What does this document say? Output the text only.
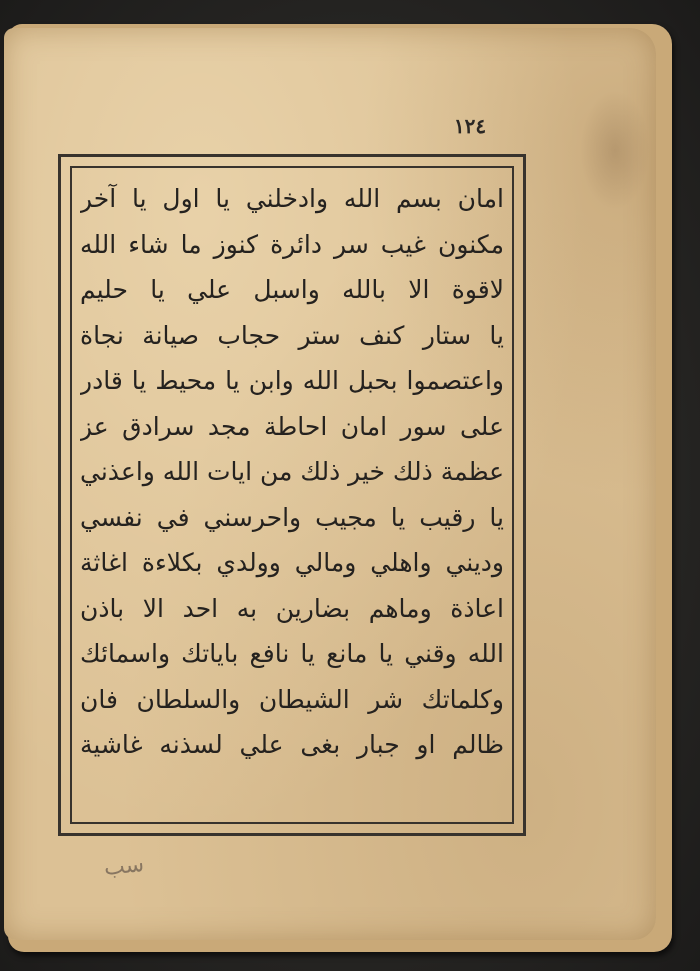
١٢٤
امان بسم الله وادخلني يا اول يا آخر
مكنون غيب سر دائرة كنوز ما شاء الله
لاقوة الا بالله واسبل علي يا حليم
يا ستار كنف ستر حجاب صيانة نجاة
واعتصموا بحبل الله وابن يا محيط يا قادر
على سور امان احاطة مجد سرادق عز
عظمة ذلك خير ذلك من ايات الله واعذني
يا رقيب يا مجيب واحرسني في نفسي
وديني واهلي ومالي وولدي بكلاءة اغاثة
اعاذة وماهم بضارين به احد الا باذن
الله وقني يا مانع يا نافع باياتك واسمائك
وكلماتك شر الشيطان والسلطان فان
ظالم او جبار بغى علي لسذنه غاشية
سب
